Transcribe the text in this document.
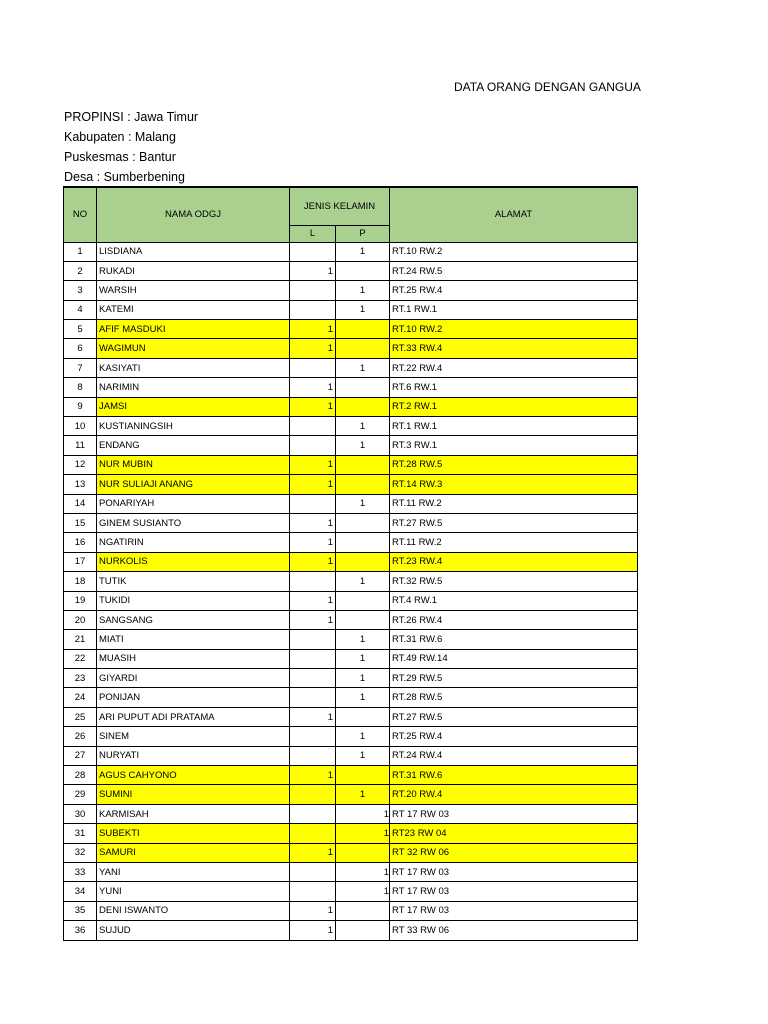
DATA ORANG DENGAN GANGUA
PROPINSI : Jawa Timur
Kabupaten : Malang
Puskesmas : Bantur
Desa : Sumberbening
NO	NAMA ODGJ	JENIS KELAMIN		ALAMAT
		L	P	
1	LISDIANA		1	RT.10 RW.2
2	RUKADI	1		RT.24 RW.5
3	WARSIH		1	RT.25 RW.4
4	KATEMI		1	RT.1 RW.1
5	AFIF MASDUKI	1		RT.10 RW.2
6	WAGIMUN	1		RT.33 RW.4
7	KASIYATI		1	RT.22 RW.4
8	NARIMIN	1		RT.6 RW.1
9	JAMSI	1		RT.2 RW.1
10	KUSTIANINGSIH		1	RT.1 RW.1
11	ENDANG		1	RT.3 RW.1
12	NUR MUBIN	1		RT.28 RW.5
13	NUR SULIAJI ANANG	1		RT.14 RW.3
14	PONARIYAH		1	RT.11 RW.2
15	GINEM SUSIANTO	1		RT.27 RW.5
16	NGATIRIN	1		RT.11 RW.2
17	NURKOLIS	1		RT.23 RW.4
18	TUTIK		1	RT.32 RW.5
19	TUKIDI	1		RT.4 RW.1
20	SANGSANG	1		RT.26 RW.4
21	MIATI		1	RT.31 RW.6
22	MUASIH		1	RT.49 RW.14
23	GIYARDI		1	RT.29 RW.5
24	PONIJAN		1	RT.28 RW.5
25	ARI PUPUT ADI PRATAMA	1		RT.27 RW.5
26	SINEM		1	RT.25 RW.4
27	NURYATI		1	RT.24 RW.4
28	AGUS CAHYONO	1		RT.31 RW.6
29	SUMINI		1	RT.20 RW.4
30	KARMISAH		1	RT 17 RW 03
31	SUBEKTI		1	RT23 RW 04
32	SAMURI	1		RT 32 RW 06
33	YANI		1	RT 17 RW 03
34	YUNI		1	RT 17 RW 03
35	DENI ISWANTO	1		RT 17 RW 03
36	SUJUD	1		RT 33 RW 06
